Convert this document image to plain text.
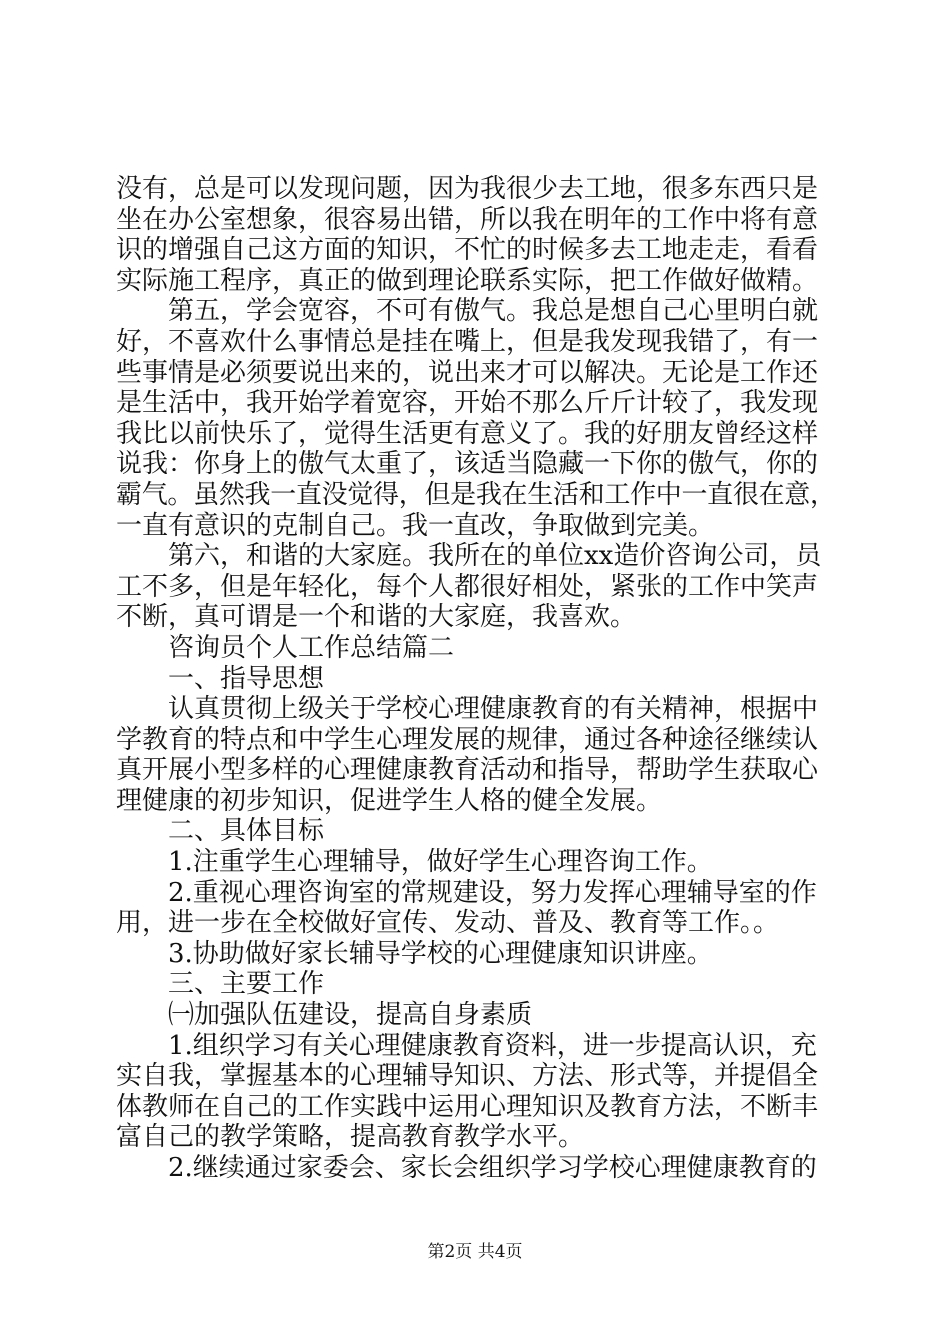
没有，总是可以发现问题，因为我很少去工地，很多东西只是
坐在办公室想象，很容易出错，所以我在明年的工作中将有意
识的增强自己这方面的知识，不忙的时候多去工地走走，看看
实际施工程序，真正的做到理论联系实际，把工作做好做精。
　　第五，学会宽容，不可有傲气。我总是想自己心里明白就
好，不喜欢什么事情总是挂在嘴上，但是我发现我错了，有一
些事情是必须要说出来的，说出来才可以解决。无论是工作还
是生活中，我开始学着宽容，开始不那么斤斤计较了，我发现
我比以前快乐了，觉得生活更有意义了。我的好朋友曾经这样
说我：你身上的傲气太重了，该适当隐藏一下你的傲气，你的
霸气。虽然我一直没觉得，但是我在生活和工作中一直很在意，
一直有意识的克制自己。我一直改，争取做到完美。
　　第六，和谐的大家庭。我所在的单位xx造价咨询公司，员
工不多，但是年轻化，每个人都很好相处，紧张的工作中笑声
不断，真可谓是一个和谐的大家庭，我喜欢。
　　咨询员个人工作总结篇二
　　一、指导思想
　　认真贯彻上级关于学校心理健康教育的有关精神，根据中
学教育的特点和中学生心理发展的规律，通过各种途径继续认
真开展小型多样的心理健康教育活动和指导，帮助学生获取心
理健康的初步知识，促进学生人格的健全发展。
　　二、具体目标
　　1.注重学生心理辅导，做好学生心理咨询工作。
　　2.重视心理咨询室的常规建设，努力发挥心理辅导室的作
用，进一步在全校做好宣传、发动、普及、教育等工作。。
　　3.协助做好家长辅导学校的心理健康知识讲座。
　　三、主要工作
　　㈠加强队伍建设，提高自身素质
　　1.组织学习有关心理健康教育资料，进一步提高认识，充
实自我，掌握基本的心理辅导知识、方法、形式等，并提倡全
体教师在自己的工作实践中运用心理知识及教育方法，不断丰
富自己的教学策略，提高教育教学水平。
　　2.继续通过家委会、家长会组织学习学校心理健康教育的
第2页 共4页
